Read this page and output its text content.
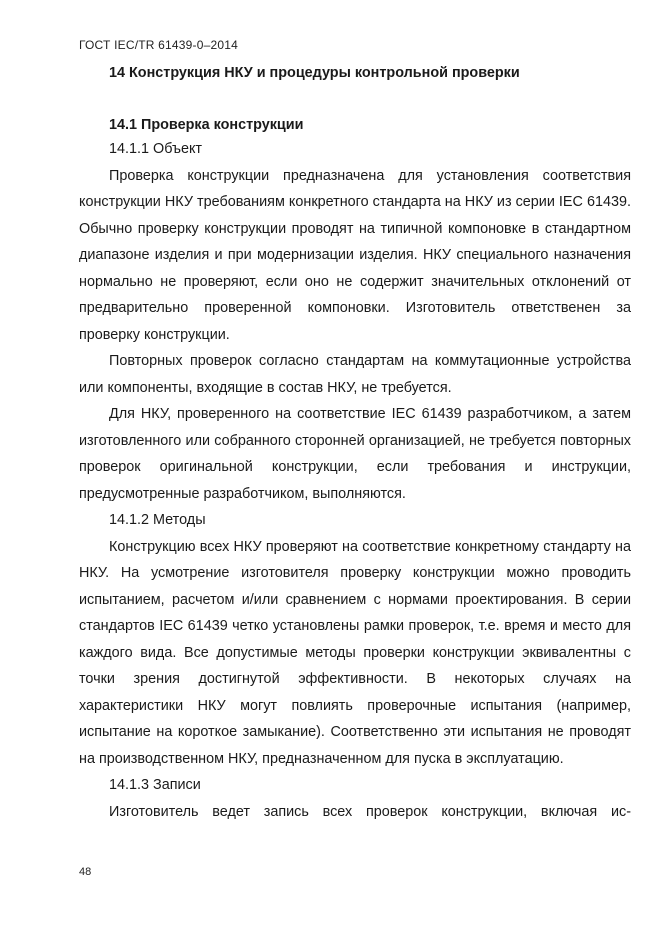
ГОСТ IEC/TR 61439-0–2014
14 Конструкция НКУ и процедуры контрольной проверки
14.1 Проверка конструкции
14.1.1 Объект

Проверка конструкции предназначена для установления соответствия конструкции НКУ требованиям конкретного стандарта на НКУ из серии IEC 61439. Обычно проверку конструкции проводят на типичной компоновке в стандартном диапазоне изделия и при модернизации изделия. НКУ специального назначения нормально не проверяют, если оно не содержит значительных отклонений от предварительно проверенной компоновки. Изготовитель ответственен за проверку конструкции.

Повторных проверок согласно стандартам на коммутационные устройства или компоненты, входящие в состав НКУ, не требуется.

Для НКУ, проверенного на соответствие IEC 61439 разработчиком, а затем изготовленного или собранного сторонней организацией, не требуется повторных проверок оригинальной конструкции, если требования и инструкции, предусмотренные разработчиком, выполняются.

14.1.2 Методы

Конструкцию всех НКУ проверяют на соответствие конкретному стандарту на НКУ. На усмотрение изготовителя проверку конструкции можно проводить испытанием, расчетом и/или сравнением с нормами проектирования. В серии стандартов IEC 61439 четко установлены рамки проверок, т.е. время и место для каждого вида. Все допустимые методы проверки конструкции эквивалентны с точки зрения достигнутой эффективности. В некоторых случаях на характеристики НКУ могут повлиять проверочные испытания (например, испытание на короткое замыкание). Соответственно эти испытания не проводят на производственном НКУ, предназначенном для пуска в эксплуатацию.

14.1.3 Записи

Изготовитель ведет запись всех проверок конструкции, включая ис-

48
